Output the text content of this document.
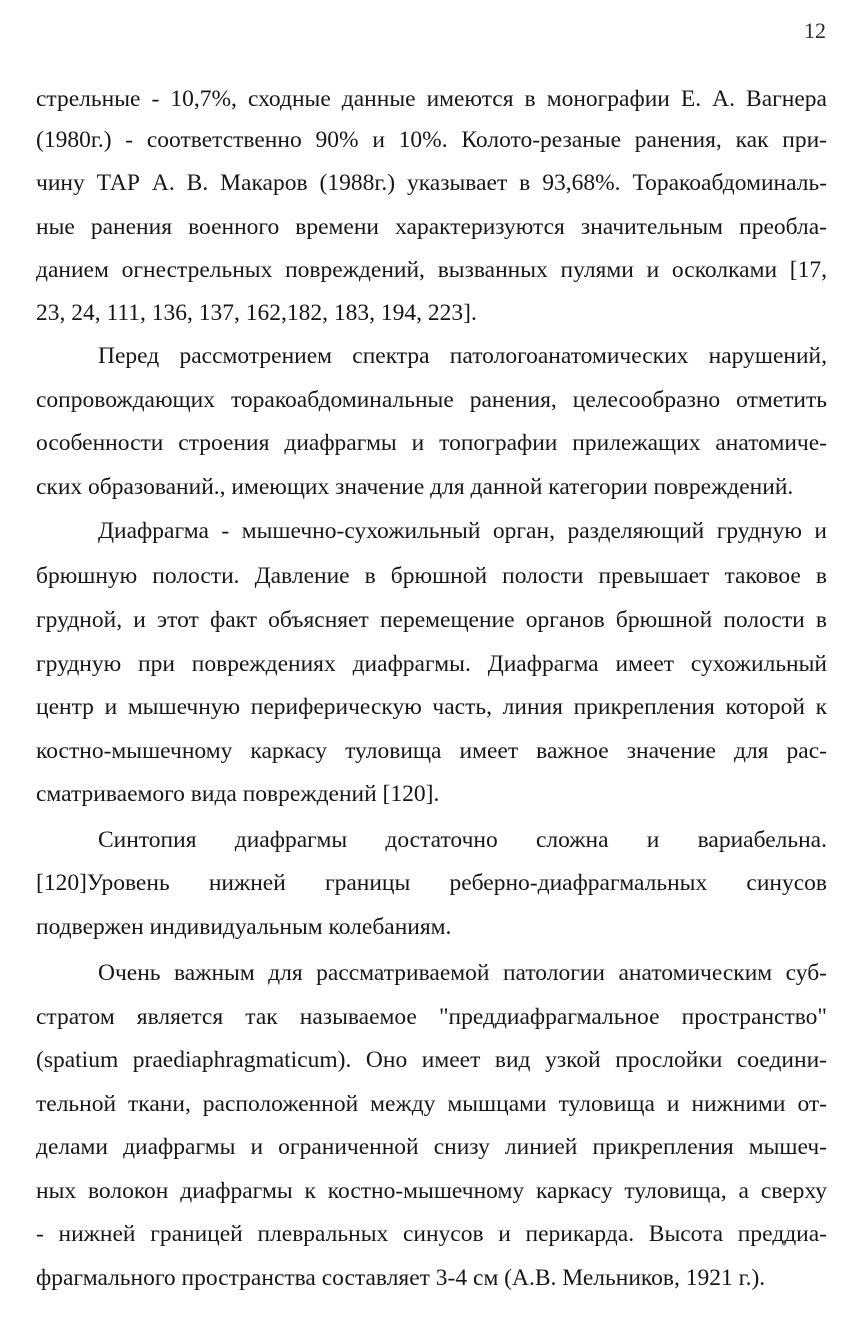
12
стрельные - 10,7%, сходные данные имеются в монографии Е. А. Вагнера
(1980г.) - соответственно 90% и 10%. Колото-резаные ранения, как при-
чину ТАР А. В. Макаров (1988г.) указывает в 93,68%. Торакоабдоминаль-
ные ранения военного времени характеризуются значительным преобла-
данием огнестрельных повреждений, вызванных пулями и осколками [17,
23, 24, 111, 136, 137, 162,182, 183, 194, 223].
Перед рассмотрением спектра патологоанатомических нарушений,
сопровождающих торакоабдоминальные ранения, целесообразно отметить
особенности строения диафрагмы и топографии прилежащих анатомиче-
ских образований., имеющих значение для данной категории повреждений.
Диафрагма - мышечно-сухожильный орган, разделяющий грудную и
брюшную полости. Давление в брюшной полости превышает таковое в
грудной, и этот факт объясняет перемещение органов брюшной полости в
грудную при повреждениях диафрагмы. Диафрагма имеет сухожильный
центр и мышечную периферическую часть, линия прикрепления которой к
костно-мышечному каркасу туловища имеет важное значение для рас-
сматриваемого вида повреждений [120].
Синтопия диафрагмы достаточно сложна и вариабельна.
[120]Уровень нижней границы реберно-диафрагмальных синусов
подвержен индивидуальным колебаниям.
Очень важным для рассматриваемой патологии анатомическим суб-
стратом является так называемое "преддиафрагмальное пространство"
(spatium praediaphragmaticum). Оно имеет вид узкой прослойки соедини-
тельной ткани, расположенной между мышцами туловища и нижними от-
делами диафрагмы и ограниченной снизу линией прикрепления мышеч-
ных волокон диафрагмы к костно-мышечному каркасу туловища, а сверху
- нижней границей плевральных синусов и перикарда. Высота преддиа-
фрагмального пространства составляет 3-4 см (А.В. Мельников, 1921 г.).
